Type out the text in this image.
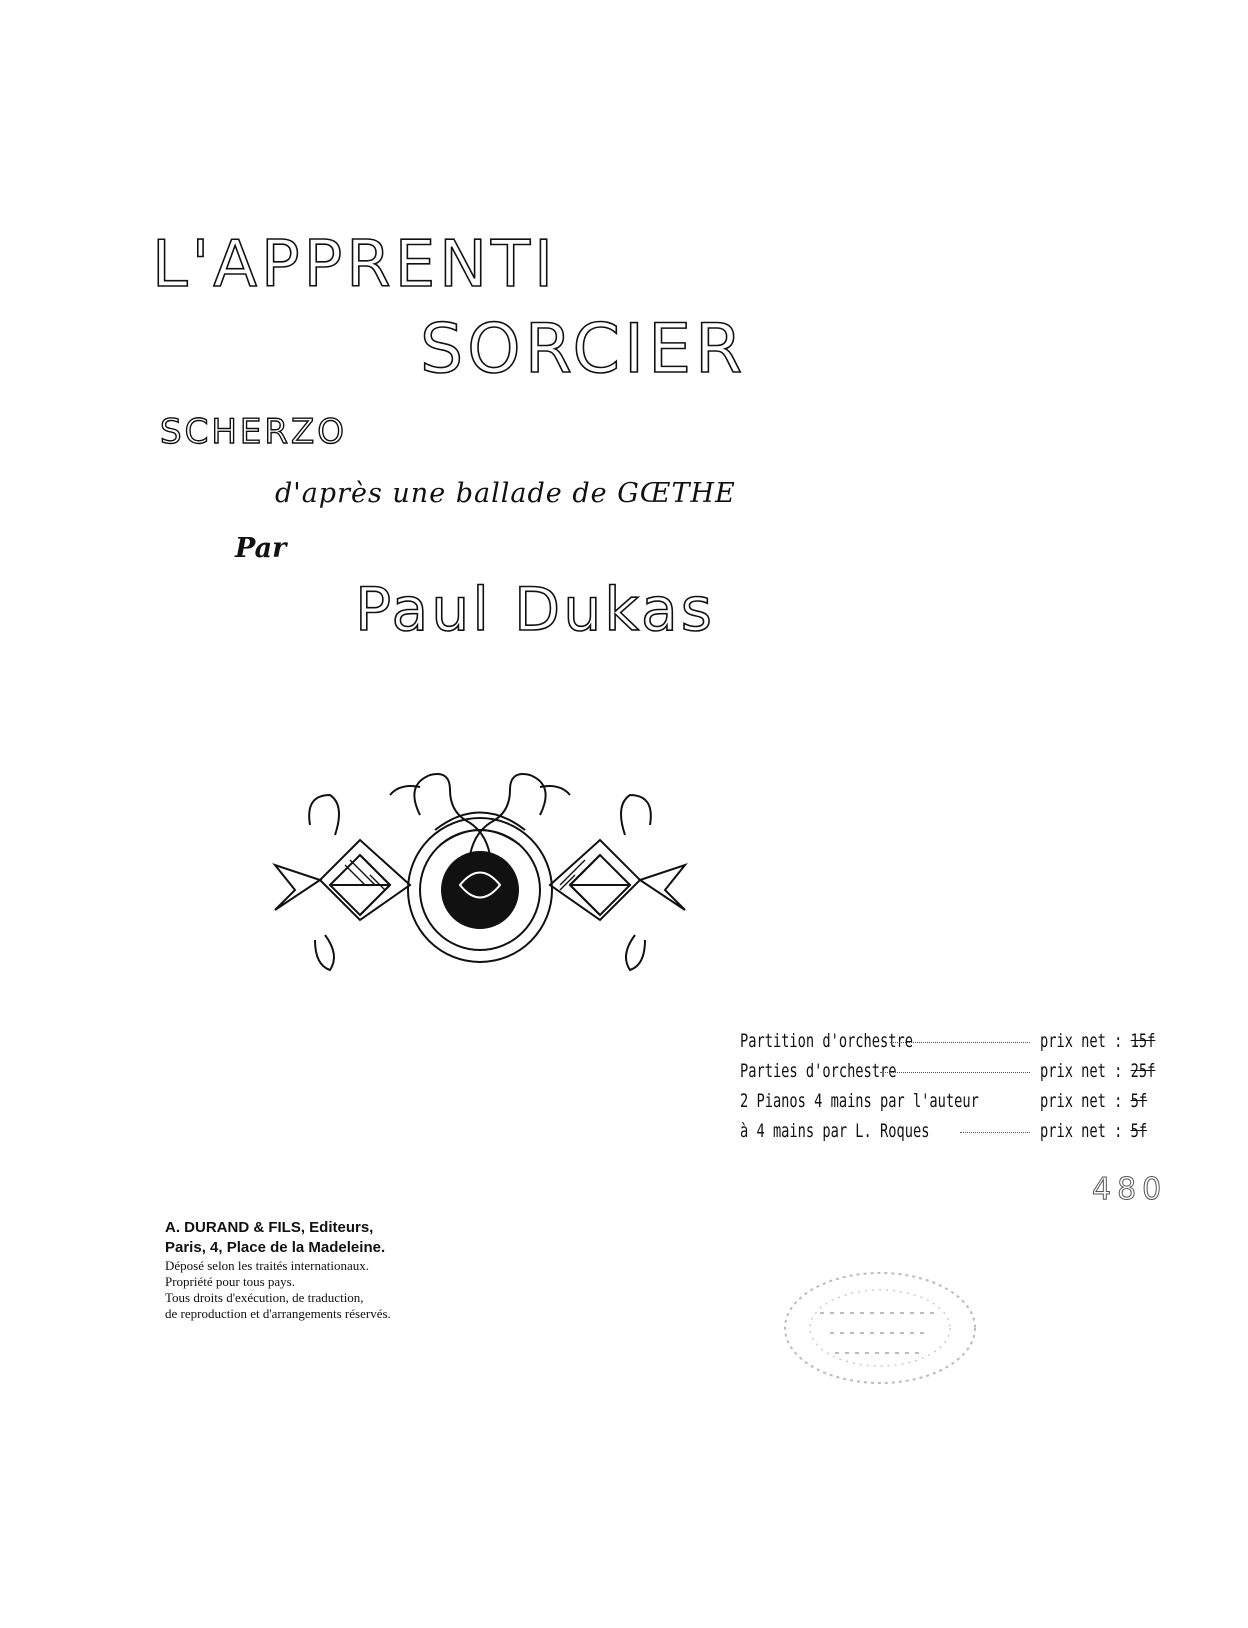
L'APPRENTI
SORCIER
SCHERZO
d'après une ballade de GŒTHE
Par
Paul Dukas
Partition d'orchestre	prix net : 15f
Parties d'orchestre	prix net : 25f
2 Pianos 4 mains par l'auteur	prix net : 5f
à 4 mains par L. Roques	prix net : 5f
480
A. DURAND & FILS, Editeurs,
Paris, 4, Place de la Madeleine.
Déposé selon les traités internationaux.
Propriété pour tous pays.
Tous droits d'exécution, de traduction,
de reproduction et d'arrangements réservés.
